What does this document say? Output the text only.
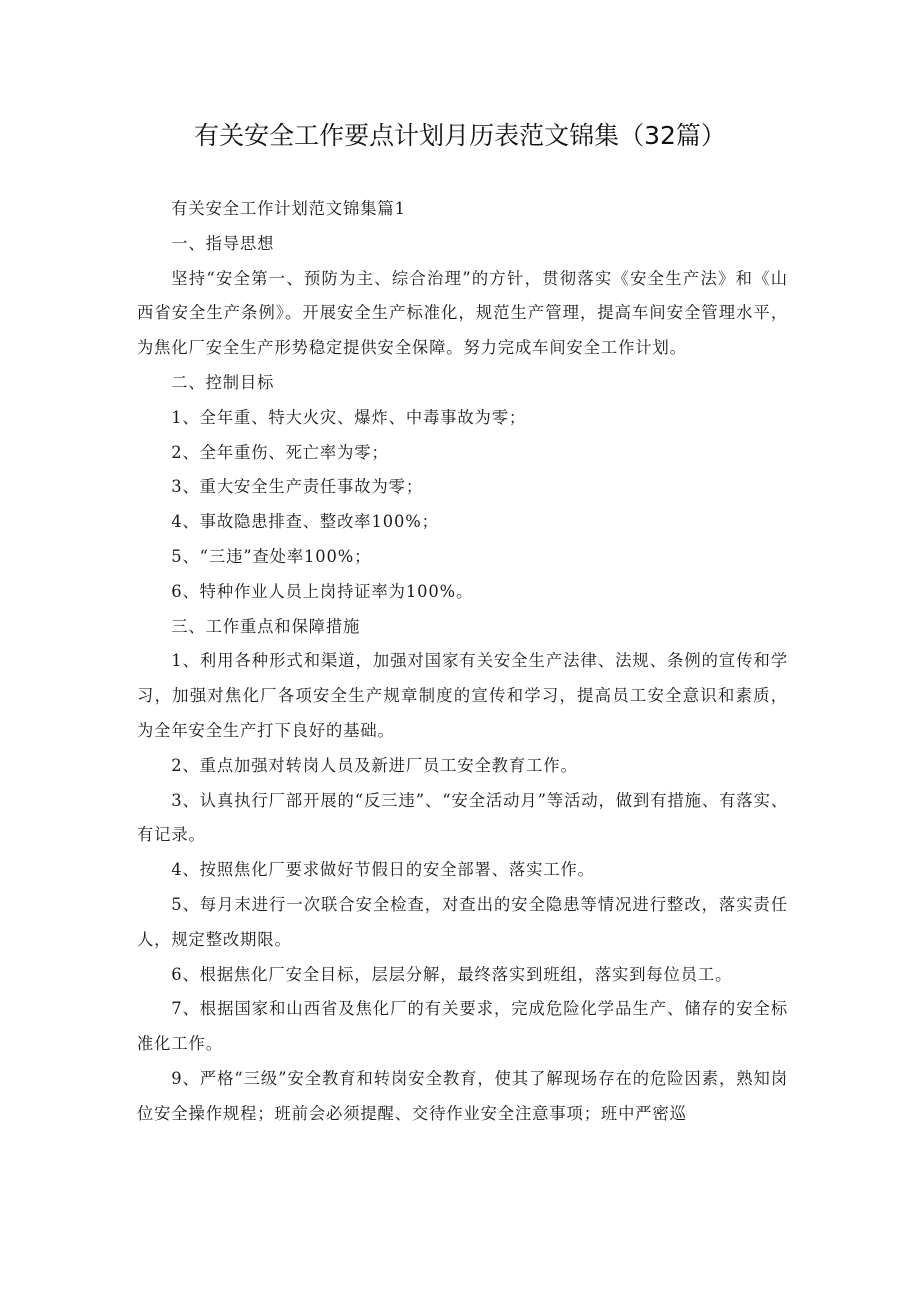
有关安全工作要点计划月历表范文锦集（32篇）

有关安全工作计划范文锦集篇1

一、指导思想

坚持“安全第一、预防为主、综合治理”的方针，贯彻落实《安全生产法》和《山西省安全生产条例》。开展安全生产标准化，规范生产管理，提高车间安全管理水平，为焦化厂安全生产形势稳定提供安全保障。努力完成车间安全工作计划。

二、控制目标

1、全年重、特大火灾、爆炸、中毒事故为零；

2、全年重伤、死亡率为零；

3、重大安全生产责任事故为零；

4、事故隐患排查、整改率100%；

5、“三违”查处率100%；

6、特种作业人员上岗持证率为100%。

三、工作重点和保障措施

1、利用各种形式和渠道，加强对国家有关安全生产法律、法规、条例的宣传和学习，加强对焦化厂各项安全生产规章制度的宣传和学习，提高员工安全意识和素质，为全年安全生产打下良好的基础。

2、重点加强对转岗人员及新进厂员工安全教育工作。

3、认真执行厂部开展的“反三违”、“安全活动月”等活动，做到有措施、有落实、有记录。

4、按照焦化厂要求做好节假日的安全部署、落实工作。

5、每月末进行一次联合安全检查，对查出的安全隐患等情况进行整改，落实责任人，规定整改期限。

6、根据焦化厂安全目标，层层分解，最终落实到班组，落实到每位员工。

7、根据国家和山西省及焦化厂的有关要求，完成危险化学品生产、储存的安全标准化工作。

9、严格“三级”安全教育和转岗安全教育，使其了解现场存在的危险因素，熟知岗位安全操作规程；班前会必须提醒、交待作业安全注意事项；班中严密巡
